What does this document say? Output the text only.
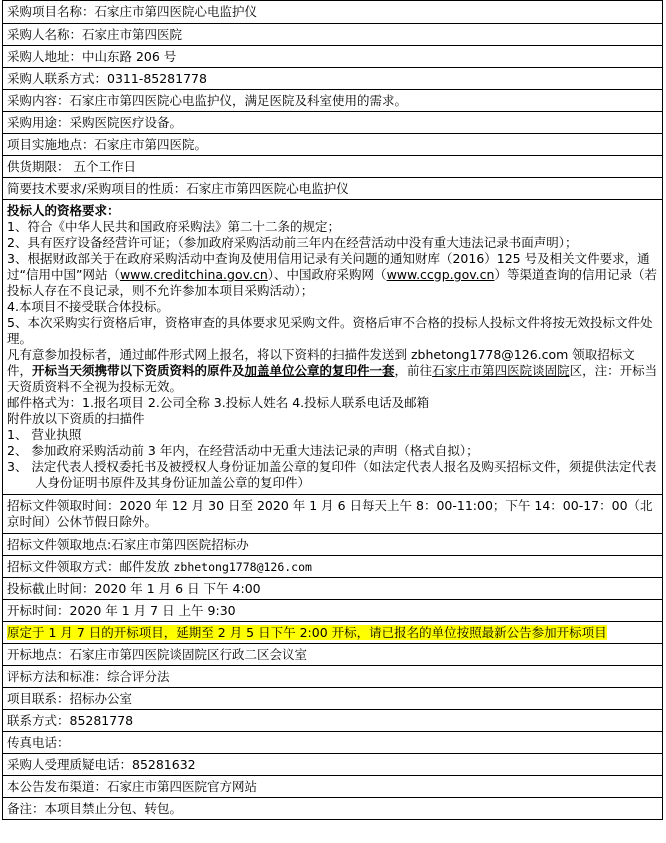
采购项目名称：石家庄市第四医院心电监护仪
采购人名称：石家庄市第四医院
采购人地址：中山东路 206 号
采购人联系方式：0311-85281778
采购内容：石家庄市第四医院心电监护仪，满足医院及科室使用的需求。
采购用途：采购医院医疗设备。
项目实施地点：石家庄市第四医院。
供货期限： 五个工作日
简要技术要求/采购项目的性质：石家庄市第四医院心电监护仪

投标人的资格要求：

1、符合《中华人民共和国政府采购法》第二十二条的规定；

2、具有医疗设备经营许可证；（参加政府采购活动前三年内在经营活动中没有重大违法记录书面声明）；

3、根据财政部关于在政府采购活动中查询及使用信用记录有关问题的通知财库（2016）125 号及相关文件要求，通过“信用中国”网站（www.creditchina.gov.cn）、中国政府采购网（www.ccgp.gov.cn）等渠道查询的信用记录（若投标人存在不良记录，则不允许参加本项目采购活动）；

4.本项目不接受联合体投标。

5、本次采购实行资格后审，资格审查的具体要求见采购文件。资格后审不合格的投标人投标文件将按无效投标文件处理。

凡有意参加投标者，通过邮件形式网上报名，将以下资料的扫描件发送到 zbhetong1778@126.com 领取招标文件，开标当天须携带以下资质资料的原件及加盖单位公章的复印件一套，前往石家庄市第四医院谈固院区，注：开标当天资质资料不全视为投标无效。

邮件格式为：1.报名项目 2.公司全称 3.投标人姓名 4.投标人联系电话及邮箱

附件放以下资质的扫描件

1、 营业执照

2、 参加政府采购活动前 3 年内，在经营活动中无重大违法记录的声明（格式自拟）；

3、 法定代表人授权委托书及被授权人身份证加盖公章的复印件（如法定代表人报名及购买招标文件，须提供法定代表人身份证明书原件及其身份证加盖公章的复印件）

招标文件领取时间：2020 年 12 月 30 日至 2020 年 1 月 6 日每天上午 8：00-11:00；下午 14：00-17：00（北京时间）公休节假日除外。
招标文件领取地点:石家庄市第四医院招标办
招标文件领取方式：邮件发放 zbhetong1778@126.com
投标截止时间：2020 年 1 月 6 日 下午 4:00
开标时间：2020 年 1 月 7 日 上午 9:30
原定于 1 月 7 日的开标项目，延期至 2 月 5 日下午 2:00 开标，请已报名的单位按照最新公告参加开标项目
开标地点：石家庄市第四医院谈固院区行政二区会议室
评标方法和标准：综合评分法
项目联系：招标办公室
联系方式：85281778
传真电话：
采购人受理质疑电话：85281632
本公告发布渠道：石家庄市第四医院官方网站
备注：本项目禁止分包、转包。
